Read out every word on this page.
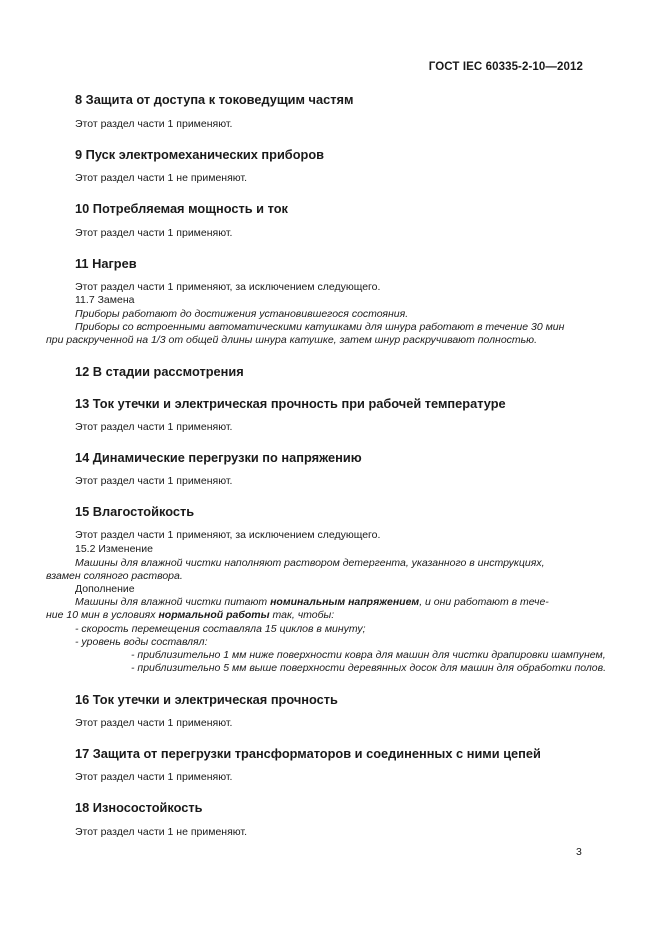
ГОСТ IEC 60335-2-10—2012
8 Защита от доступа к токоведущим частям
Этот раздел части 1 применяют.
9 Пуск электромеханических приборов
Этот раздел части 1 не применяют.
10 Потребляемая мощность и ток
Этот раздел части 1 применяют.
11 Нагрев
Этот раздел части 1 применяют, за исключением следующего.
11.7 Замена
Приборы работают до достижения установившегося состояния.
Приборы со встроенными автоматическими катушками для шнура работают в течение 30 мин
при раскрученной на 1/3 от общей длины шнура катушке, затем шнур раскручивают полностью.
12 В стадии рассмотрения
13 Ток утечки и электрическая прочность при рабочей температуре
Этот раздел части 1 применяют.
14 Динамические перегрузки по напряжению
Этот раздел части 1 применяют.
15 Влагостойкость
Этот раздел части 1 применяют, за исключением следующего.
15.2 Изменение
Машины для влажной чистки наполняют раствором детергента, указанного в инструкциях,
взамен соляного раствора.
Дополнение
Машины для влажной чистки питают номинальным напряжением, и они работают в тече-
ние 10 мин в условиях нормальной работы так, чтобы:
- скорость перемещения составляла 15 циклов в минуту;
- уровень воды составлял:
- приблизительно 1 мм ниже поверхности ковра для машин для чистки драпировки шампунем,
- приблизительно 5 мм выше поверхности деревянных досок для машин для обработки полов.
16 Ток утечки и электрическая прочность
Этот раздел части 1 применяют.
17 Защита от перегрузки трансформаторов и соединенных с ними цепей
Этот раздел части 1 применяют.
18 Износостойкость
Этот раздел части 1 не применяют.
3
